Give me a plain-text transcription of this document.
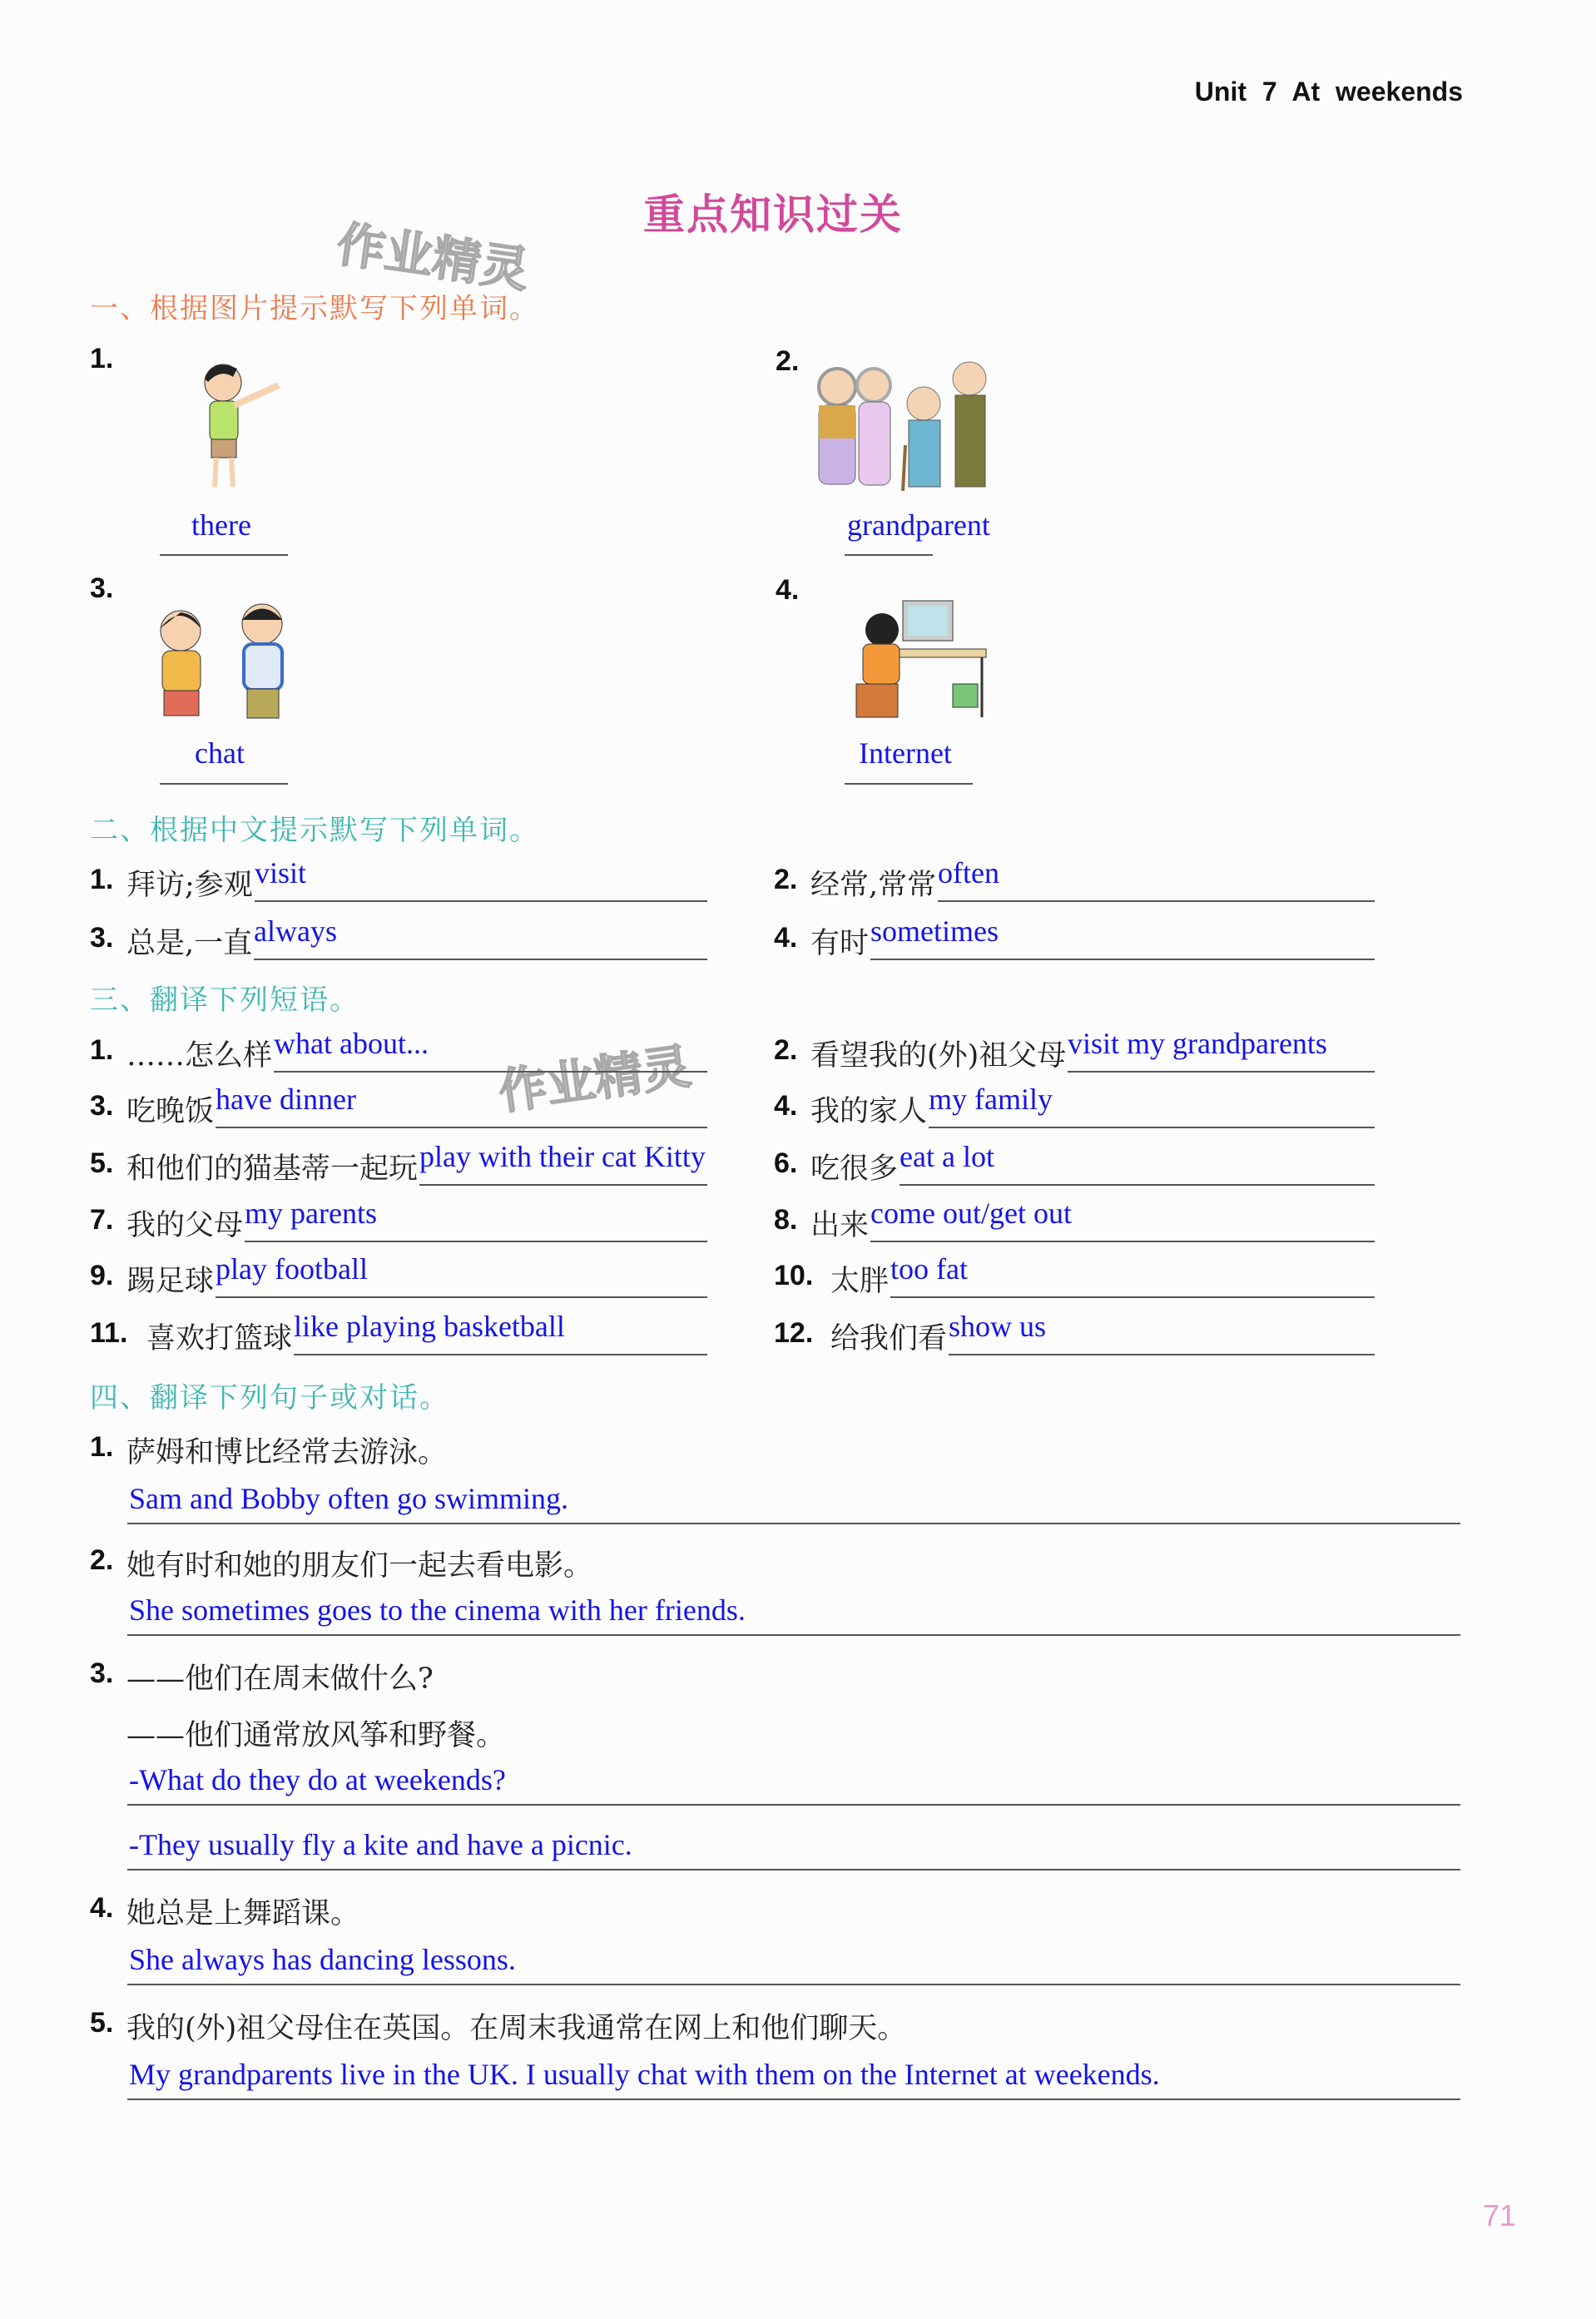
Unit 7 At weekends
重点知识过关
作业精灵
作业精灵
一、根据图片提示默写下列单词。
1.
there
2.
grandparent
3.
chat
4.
Internet
二、根据中文提示默写下列单词。
1. 拜访;参观 visit	2. 经常,常常 often
3. 总是,一直 always	4. 有时 sometimes
三、翻译下列短语。
1. ……怎么样 what about...	2. 看望我的(外)祖父母 visit my grandparents
3. 吃晚饭 have dinner	4. 我的家人 my family
5. 和他们的猫基蒂一起玩 play with their cat Kitty 6. 吃很多 eat a lot
7. 我的父母 my parents	8. 出来 come out/get out
9. 踢足球 play football	10. 太胖 too fat
11. 喜欢打篮球 like playing basketball	12. 给我们看 show us
四、翻译下列句子或对话。
1. 萨姆和博比经常去游泳。
Sam and Bobby often go swimming.
2. 她有时和她的朋友们一起去看电影。
She sometimes goes to the cinema with her friends.
3. ——他们在周末做什么?
——他们通常放风筝和野餐。
-What do they do at weekends?
-They usually fly a kite and have a picnic.
4. 她总是上舞蹈课。
She always has dancing lessons.
5. 我的(外)祖父母住在英国。在周末我通常在网上和他们聊天。
My grandparents live in the UK. I usually chat with them on the Internet at weekends.
71
